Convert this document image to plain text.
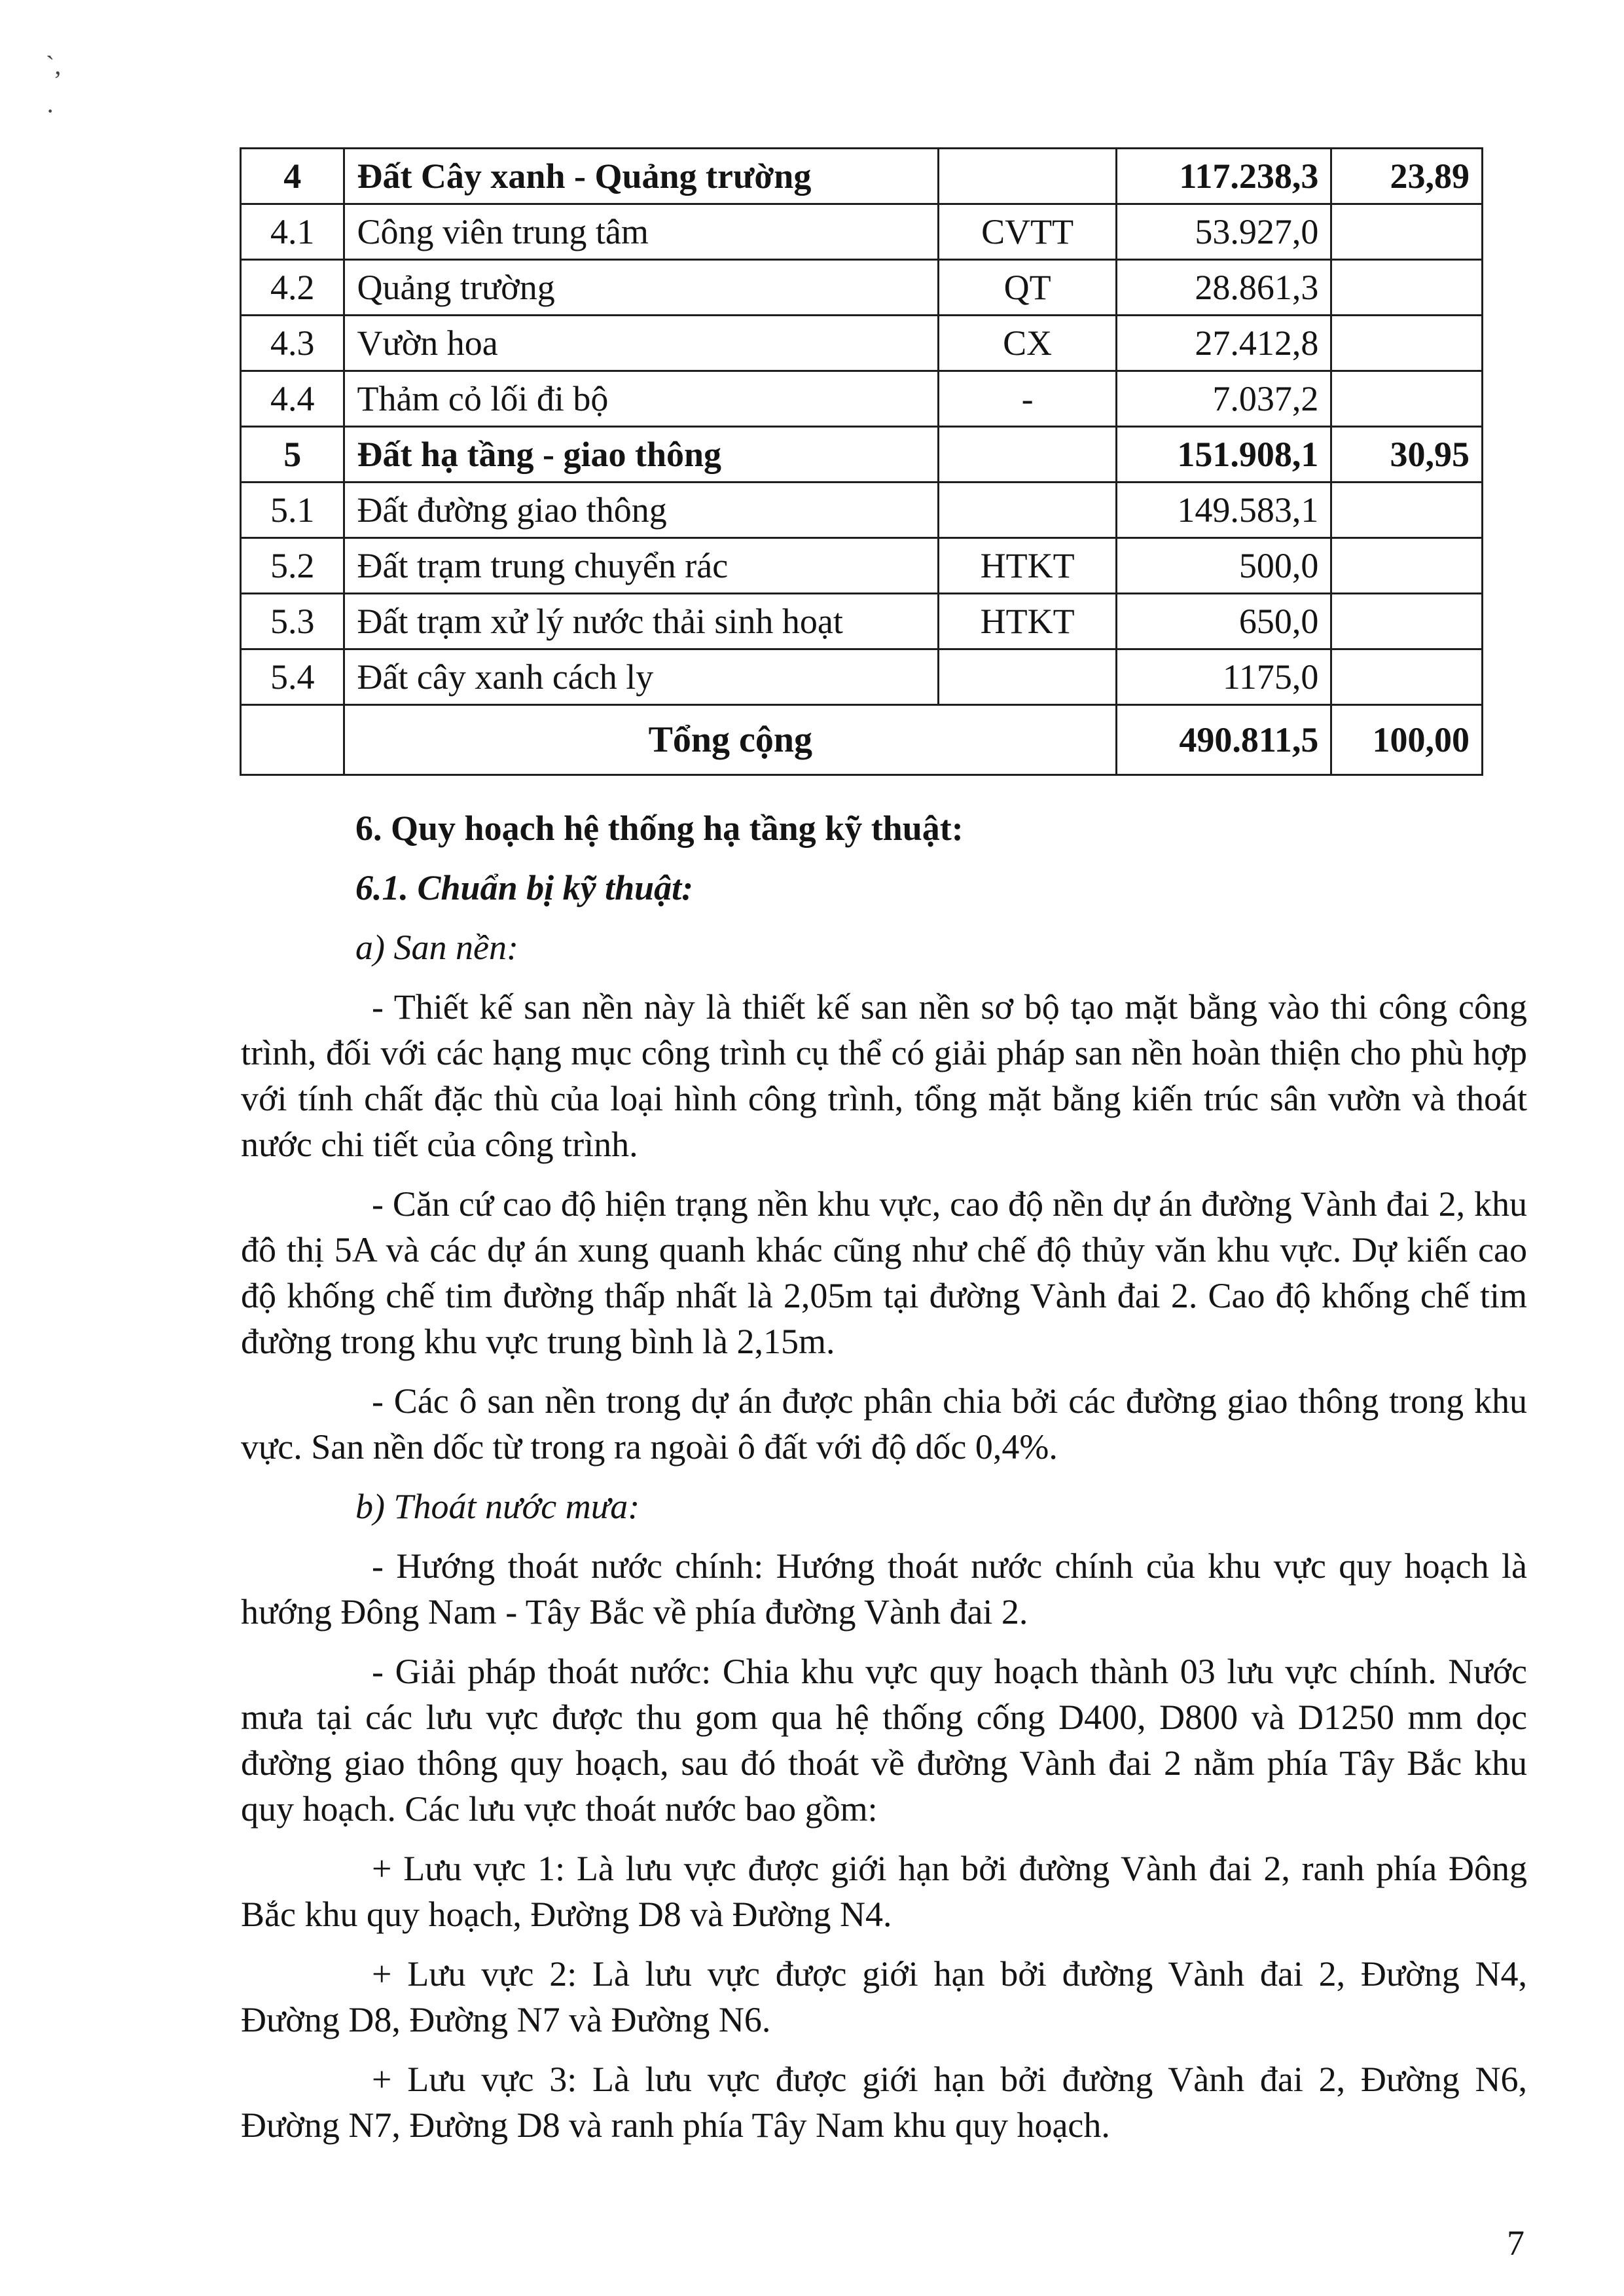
`,
·
4	Đất Cây xanh - Quảng trường		117.238,3	23,89
4.1	Công viên trung tâm	CVTT	53.927,0	
4.2	Quảng trường	QT	28.861,3	
4.3	Vườn hoa	CX	27.412,8	
4.4	Thảm cỏ lối đi bộ	-	7.037,2	
5	Đất hạ tầng - giao thông		151.908,1	30,95
5.1	Đất đường giao thông		149.583,1	
5.2	Đất trạm trung chuyển rác	HTKT	500,0	
5.3	Đất trạm xử lý nước thải sinh hoạt	HTKT	650,0	
5.4	Đất cây xanh cách ly		1175,0	
	Tổng cộng		490.811,5	100,00

6. Quy hoạch hệ thống hạ tầng kỹ thuật:

6.1. Chuẩn bị kỹ thuật:

a) San nền:

- Thiết kế san nền này là thiết kế san nền sơ bộ tạo mặt bằng vào thi công công trình, đối với các hạng mục công trình cụ thể có giải pháp san nền hoàn thiện cho phù hợp với tính chất đặc thù của loại hình công trình, tổng mặt bằng kiến trúc sân vườn và thoát nước chi tiết của công trình.

- Căn cứ cao độ hiện trạng nền khu vực, cao độ nền dự án đường Vành đai 2, khu đô thị 5A và các dự án xung quanh khác cũng như chế độ thủy văn khu vực. Dự kiến cao độ khống chế tim đường thấp nhất là 2,05m tại đường Vành đai 2. Cao độ khống chế tim đường trong khu vực trung bình là 2,15m.

- Các ô san nền trong dự án được phân chia bởi các đường giao thông trong khu vực. San nền dốc từ trong ra ngoài ô đất với độ dốc 0,4%.

b) Thoát nước mưa:

- Hướng thoát nước chính: Hướng thoát nước chính của khu vực quy hoạch là hướng Đông Nam - Tây Bắc về phía đường Vành đai 2.

- Giải pháp thoát nước: Chia khu vực quy hoạch thành 03 lưu vực chính. Nước mưa tại các lưu vực được thu gom qua hệ thống cống D400, D800 và D1250 mm dọc đường giao thông quy hoạch, sau đó thoát về đường Vành đai 2 nằm phía Tây Bắc khu quy hoạch. Các lưu vực thoát nước bao gồm:

+ Lưu vực 1: Là lưu vực được giới hạn bởi đường Vành đai 2, ranh phía Đông Bắc khu quy hoạch, Đường D8 và Đường N4.

+ Lưu vực 2: Là lưu vực được giới hạn bởi đường Vành đai 2, Đường N4, Đường D8, Đường N7 và Đường N6.

+ Lưu vực 3: Là lưu vực được giới hạn bởi đường Vành đai 2, Đường N6, Đường N7, Đường D8 và ranh phía Tây Nam khu quy hoạch.

7
